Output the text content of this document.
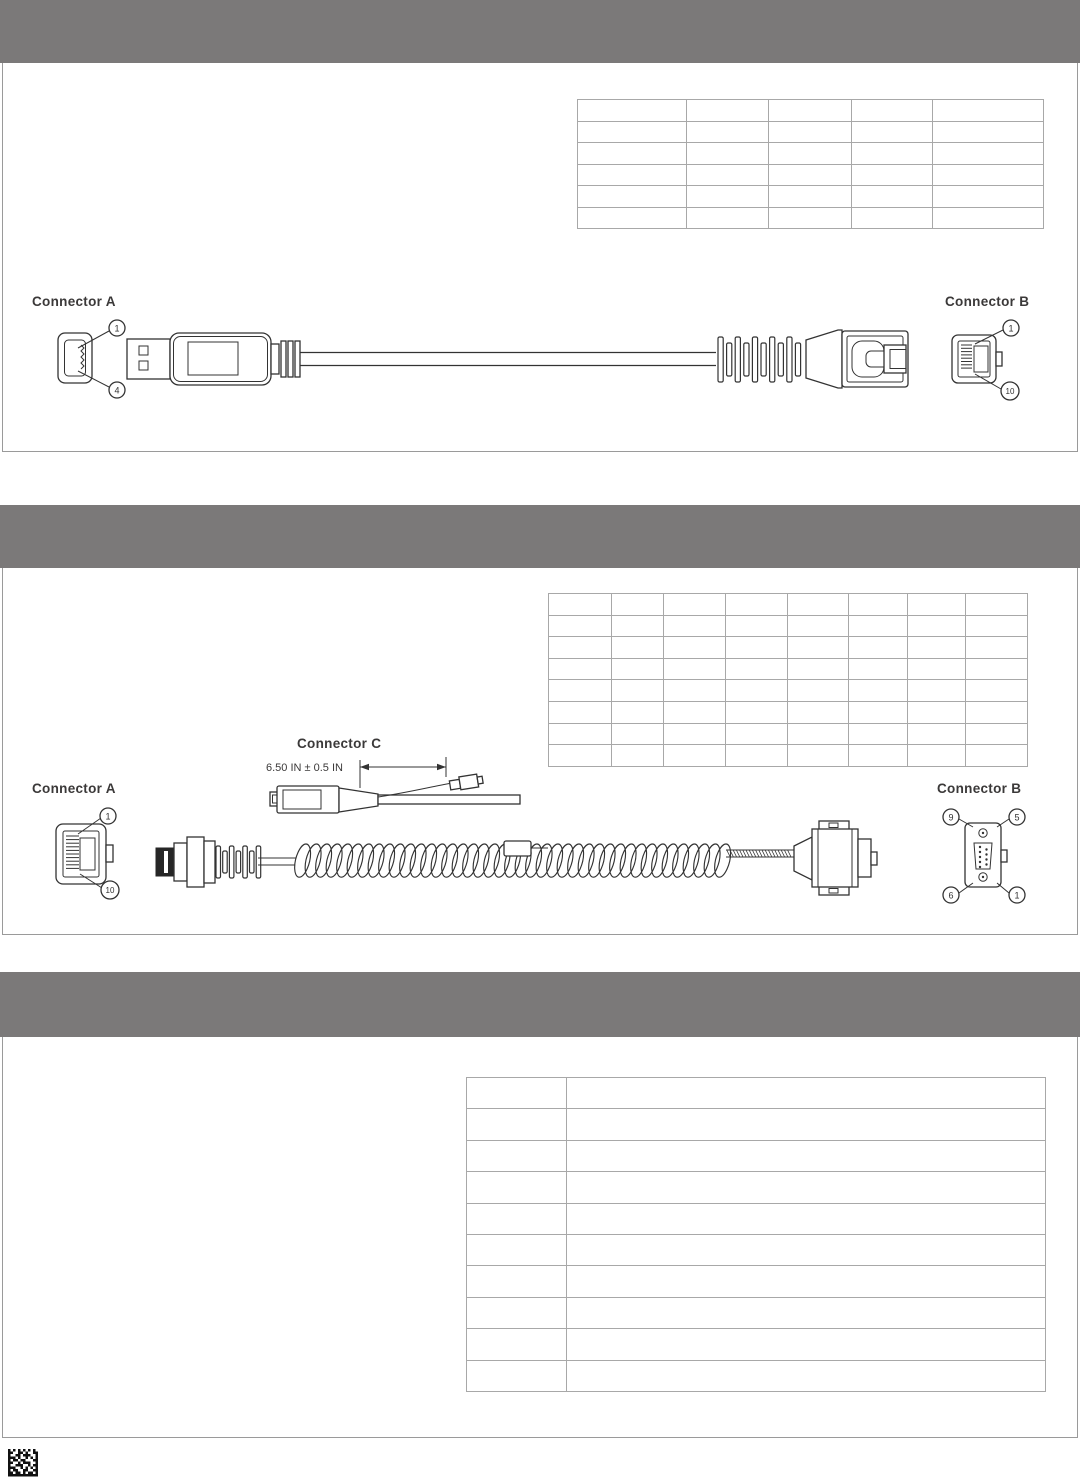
Connector A	Connector B
1
4
1
10
Connector C
6.50 IN ± 0.5 IN
Connector A
1
10
Connector B
9	5
6	1
